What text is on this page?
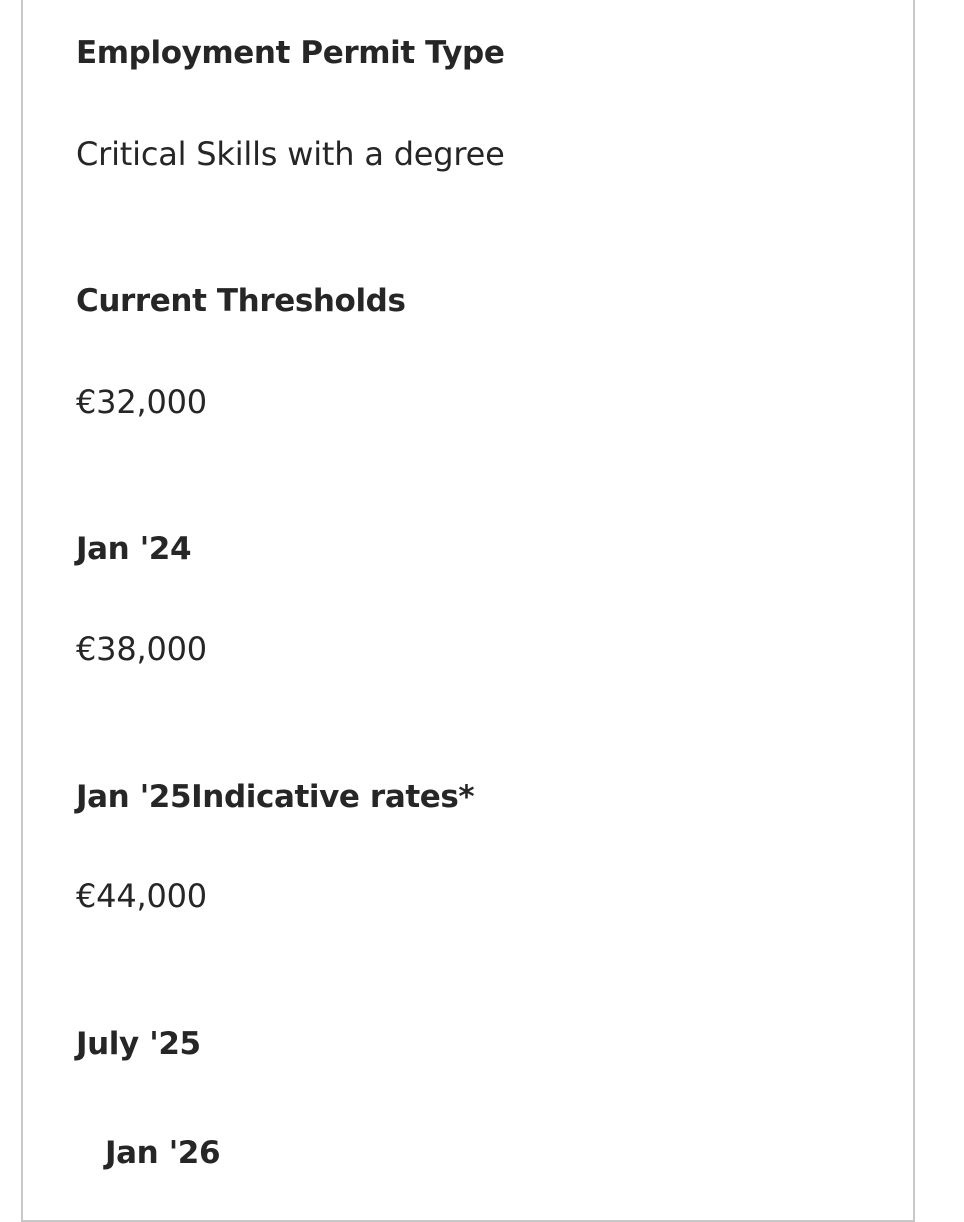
Employment Permit Type
Critical Skills with a degree
Current Thresholds
€32,000
Jan '24
€38,000
Jan '25Indicative rates*
€44,000
July '25
Jan '26
